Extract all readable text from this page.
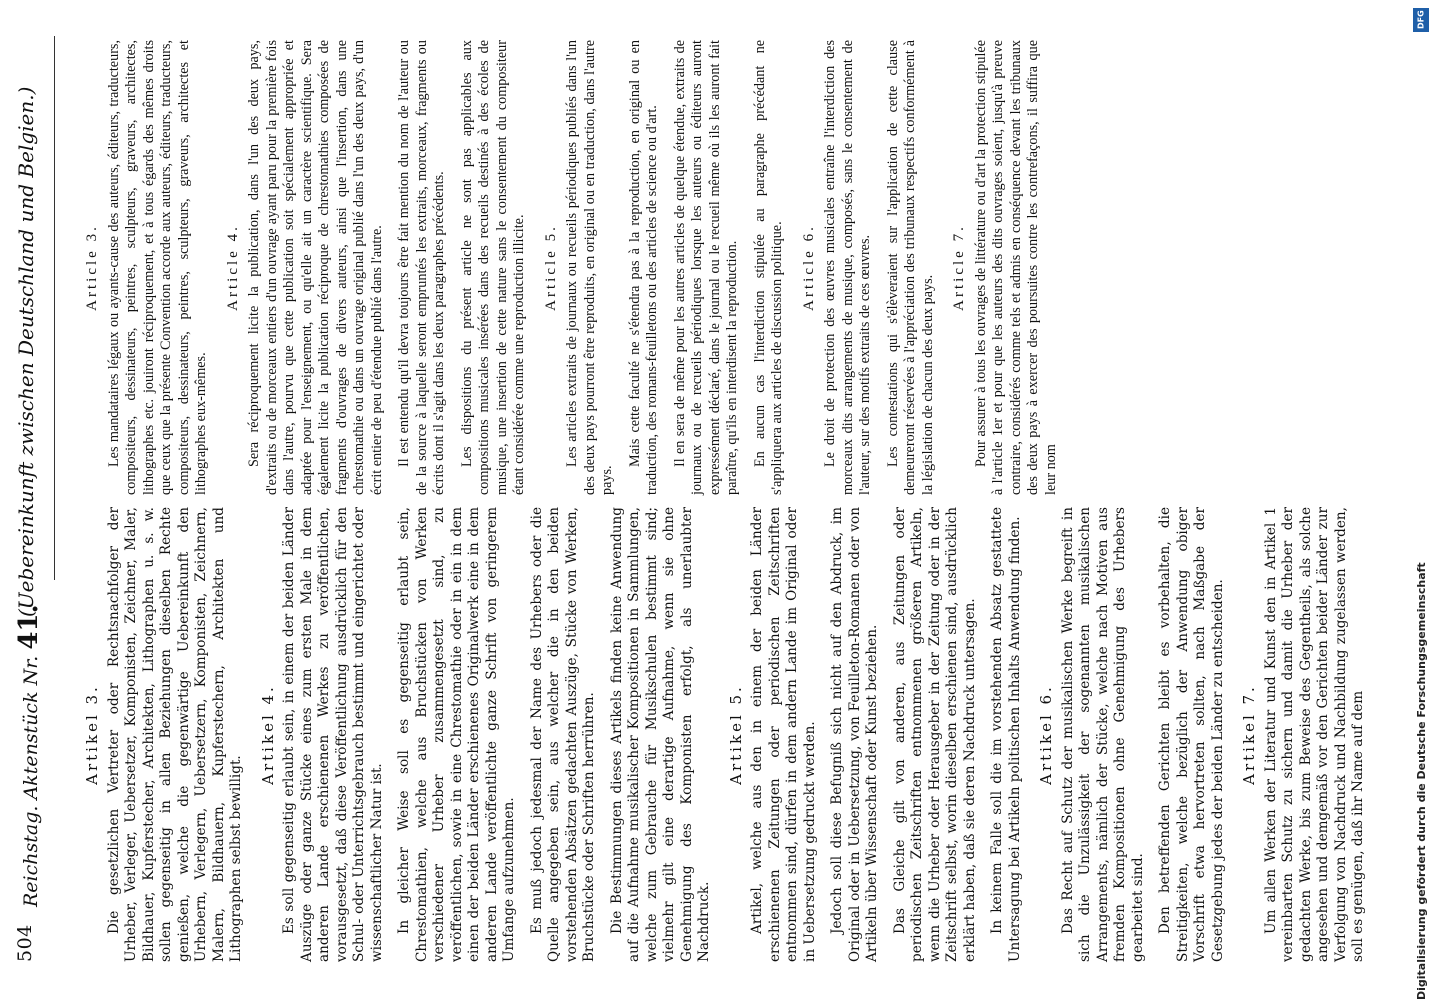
504
Reichstag. Aktenstück Nr. 41.
(Uebereinkunft zwischen Deutschland und Belgien.)
Artikel 3. Die gesetzlichen Vertreter oder Rechtsnachfolger der Urheber, Verleger, Uebersetzer, Komponisten, Zeichner, Maler, Bildhauer, Kupferstecher, Architekten, Lithographen u. s. w. sollen gegenseitig in allen Beziehungen dieselben Rechte genießen, welche die gegenwärtige Uebereinkunft den Urhebern, Verlegern, Uebersetzern, Komponisten, Zeichnern, Malern, Bildhauern, Kupferstechern, Architekten und Lithographen selbst bewilligt.

Artikel 4. Es soll gegenseitig erlaubt sein, in einem der beiden Länder Auszüge oder ganze Stücke eines zum ersten Male in dem anderen Lande erschienenen Werkes zu veröffentlichen, vorausgesetzt, daß diese Veröffentlichung ausdrücklich für den Schul- oder Unterrichtsgebrauch bestimmt und eingerichtet oder wissenschaftlicher Natur ist. In gleicher Weise soll es gegenseitig erlaubt sein, Chrestomathien, welche aus Bruchstücken von Werken verschiedener Urheber zusammengesetzt sind, zu veröffentlichen, sowie in eine Chrestomathie oder in ein in dem einen der beiden Länder erschienenes Originalwerk eine in dem anderen Lande veröffentlichte ganze Schrift von geringerem Umfange aufzunehmen. Es muß jedoch jedesmal der Name des Urhebers oder die Quelle angegeben sein, aus welcher die in den beiden vorstehenden Absätzen gedachten Auszüge, Stücke von Werken, Bruchstücke oder Schriften herrühren. Die Bestimmungen dieses Artikels finden keine Anwendung auf die Aufnahme musikalischer Kompositionen in Sammlungen, welche zum Gebrauche für Musikschulen bestimmt sind; vielmehr gilt eine derartige Aufnahme, wenn sie ohne Genehmigung des Komponisten erfolgt, als unerlaubter Nachdruck.

Artikel 5. Artikel, welche aus den in einem der beiden Länder erschienenen Zeitungen oder periodischen Zeitschriften entnommen sind, dürfen in dem andern Lande im Original oder in Uebersetzung gedruckt werden. Jedoch soll diese Befugniß sich nicht auf den Abdruck, im Original oder in Uebersetzung, von Feuilleton-Romanen oder von Artikeln über Wissenschaft oder Kunst beziehen. Das Gleiche gilt von anderen, aus Zeitungen oder periodischen Zeitschriften entnommenen größeren Artikeln, wenn die Urheber oder Herausgeber in der Zeitung oder in der Zeitschrift selbst, worin dieselben erschienen sind, ausdrücklich erklärt haben, daß sie deren Nachdruck untersagen. In keinem Falle soll die im vorstehenden Absatz gestattete Untersagung bei Artikeln politischen Inhalts Anwendung finden. Artikel 6. Das Recht auf Schutz der musikalischen Werke begreift in sich die Unzulässigkeit der sogenannten musikalischen Arrangements, nämlich der Stücke, welche nach Motiven aus fremden Kompositionen ohne Genehmigung des Urhebers gearbeitet sind. Den betreffenden Gerichten bleibt es vorbehalten, die Streitigkeiten, welche bezüglich der Anwendung obiger Vorschrift etwa hervortreten sollten, nach Maßgabe der Gesetzgebung jedes der beiden Länder zu entscheiden. Artikel 7. Um allen Werken der Literatur und Kunst den in Artikel 1 vereinbarten Schutz zu sichern und damit die Urheber der gedachten Werke, bis zum Beweise des Gegentheils, als solche angesehen und demgemäß vor den Gerichten beider Länder zur Verfolgung von Nachdruck und Nachbildung zugelassen werden, soll es genügen, daß ihr Name auf dem

Article 3. Les mandataires légaux ou ayants-cause des auteurs, éditeurs, traducteurs, compositeurs, dessinateurs, peintres, sculpteurs, graveurs, architectes, lithographes etc. jouiront réciproquement, et à tous égards des mêmes droits que ceux que la présente Convention accorde aux auteurs, éditeurs, traducteurs, compositeurs, dessinateurs, peintres, sculpteurs, graveurs, architectes et lithographes eux-mêmes.

Article 4. Sera réciproquement licite la publication, dans l'un des deux pays, d'extraits ou de morceaux entiers d'un ouvrage ayant paru pour la première fois dans l'autre, pourvu que cette publication soit spécialement appropriée et adaptée pour l'enseignement, ou qu'elle ait un caractère scientifique. Sera également licite la publication réciproque de chrestomathies composées de fragments d'ouvrages de divers auteurs, ainsi que l'insertion, dans une chrestomathie ou dans un ouvrage original publié dans l'un des deux pays, d'un écrit entier de peu d'étendue publié dans l'autre. Il est entendu qu'il devra toujours être fait mention du nom de l'auteur ou de la source à laquelle seront empruntés les extraits, morceaux, fragments ou écrits dont il s'agit dans les deux paragraphes précédents. Les dispositions du présent article ne sont pas applicables aux compositions musicales insérées dans des recueils destinés à des écoles de musique, une insertion de cette nature sans le consentement du compositeur étant considérée comme une reproduction illicite. Article 5. Les articles extraits de journaux ou recueils périodiques publiés dans l'un des deux pays pourront être reproduits, en original ou en traduction, dans l'autre pays.

Mais cette faculté ne s'étendra pas à la reproduction, en original ou en traduction, des romans-feuilletons ou des articles de science ou d'art. Il en sera de même pour les autres articles de quelque étendue, extraits de journaux ou de recueils périodiques lorsque les auteurs ou éditeurs auront expressément déclaré, dans le journal ou le recueil même où ils les auront fait paraître, qu'ils en interdisent la reproduction. En aucun cas l'interdiction stipulée au paragraphe précédant ne s'appliquera aux articles de discussion politique. Article 6. Le droit de protection des œuvres musicales entraîne l'interdiction des morceaux dits arrangements de musique, composés, sans le consentement de l'auteur, sur des motifs extraits de ces œuvres. Les contestations qui s'élèveraient sur l'application de cette clause demeureront réservées à l'appréciation des tribunaux respectifs conformément à la législation de chacun des deux pays.

Article 7. Pour assurer à tous les ouvrages de littérature ou d'art la protection stipulée à l'article 1er et pour que les auteurs des dits ouvrages soient, jusqu'à preuve contraire, considérés comme tels et admis en conséquence devant les tribunaux des deux pays à exercer des poursuites contre les contrefaçons, il suffira que leur nom

DFG
Digitalisierung gefördert durch die Deutsche Forschungsgemeinschaft
